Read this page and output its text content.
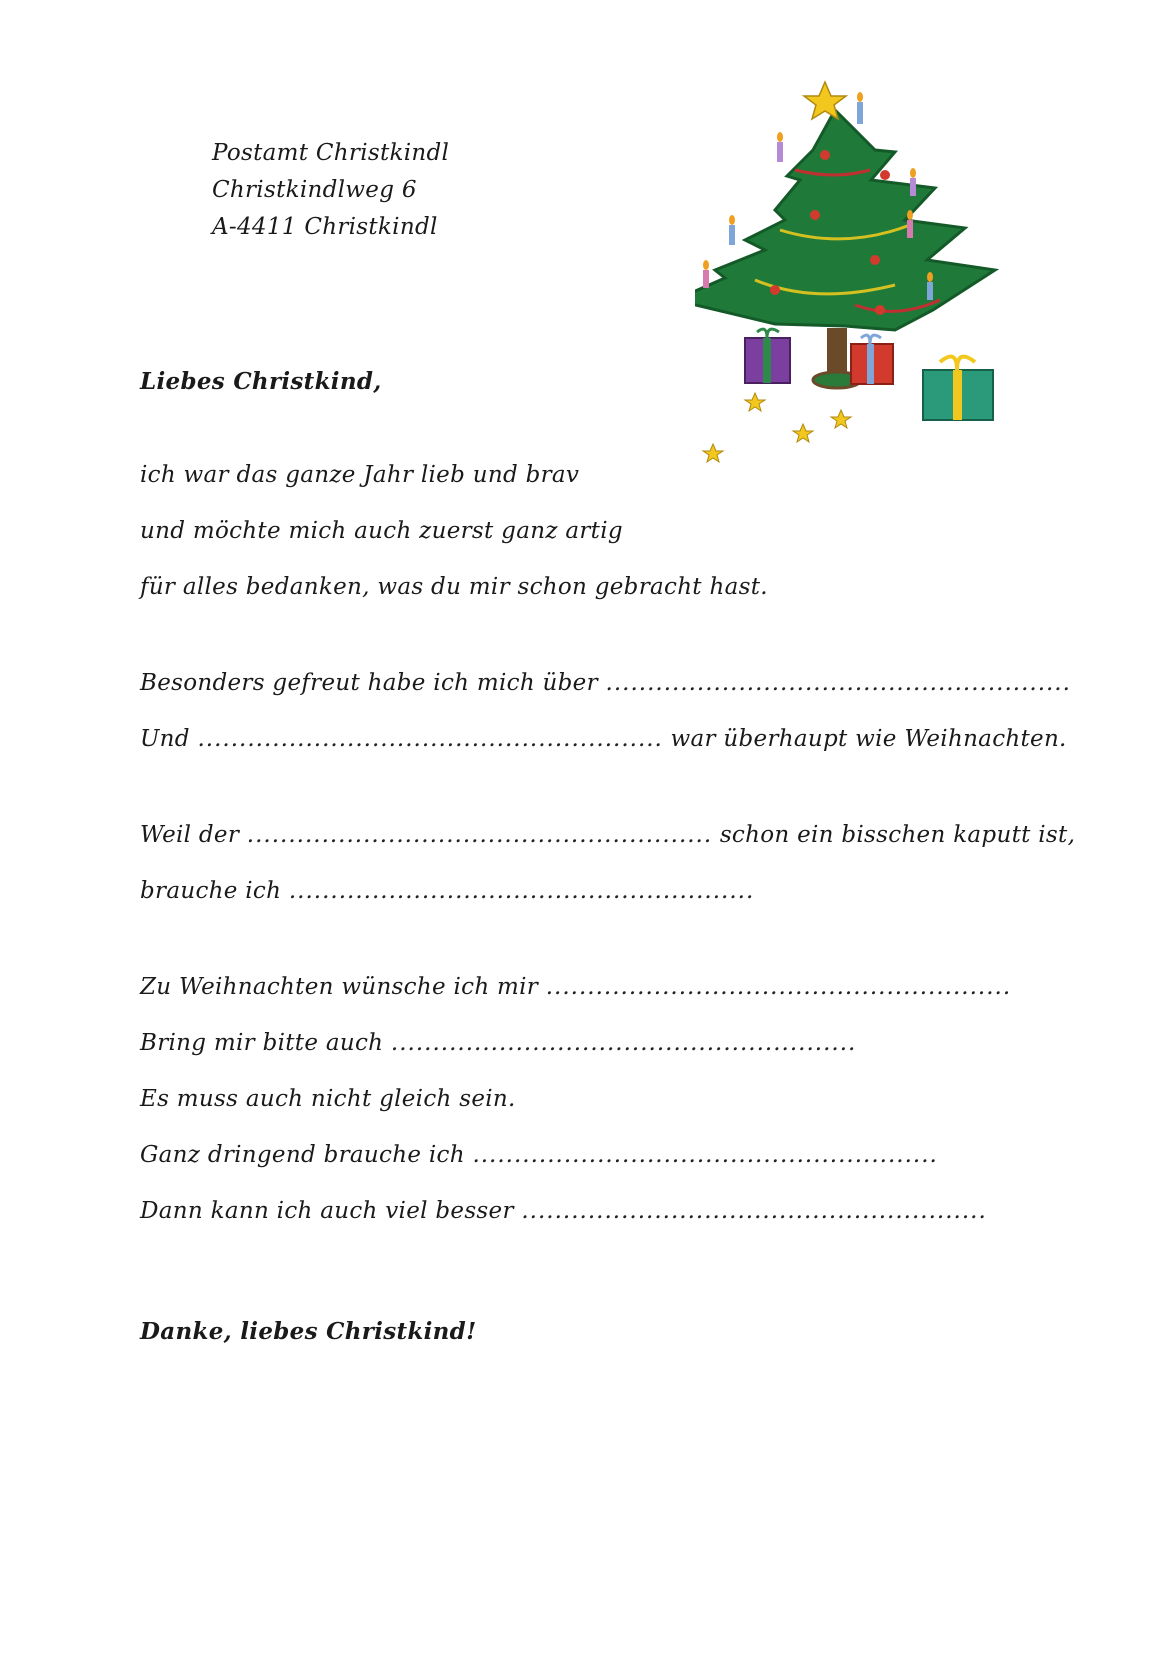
Postamt Christkindl
Christkindlweg 6
A-4411 Christkindl
Liebes Christkind,
ich war das ganze Jahr lieb und brav
und möchte mich auch zuerst ganz artig
für alles bedanken, was du mir schon gebracht hast.
Besonders gefreut habe ich mich über ........................................................
Und ........................................................ war überhaupt wie Weihnachten.
Weil der ........................................................ schon ein bisschen kaputt ist,
brauche ich ........................................................
Zu Weihnachten wünsche ich mir ........................................................
Bring mir bitte auch ........................................................
Es muss auch nicht gleich sein.
Ganz dringend brauche ich ........................................................
Dann kann ich auch viel besser ........................................................
Danke, liebes Christkind!
